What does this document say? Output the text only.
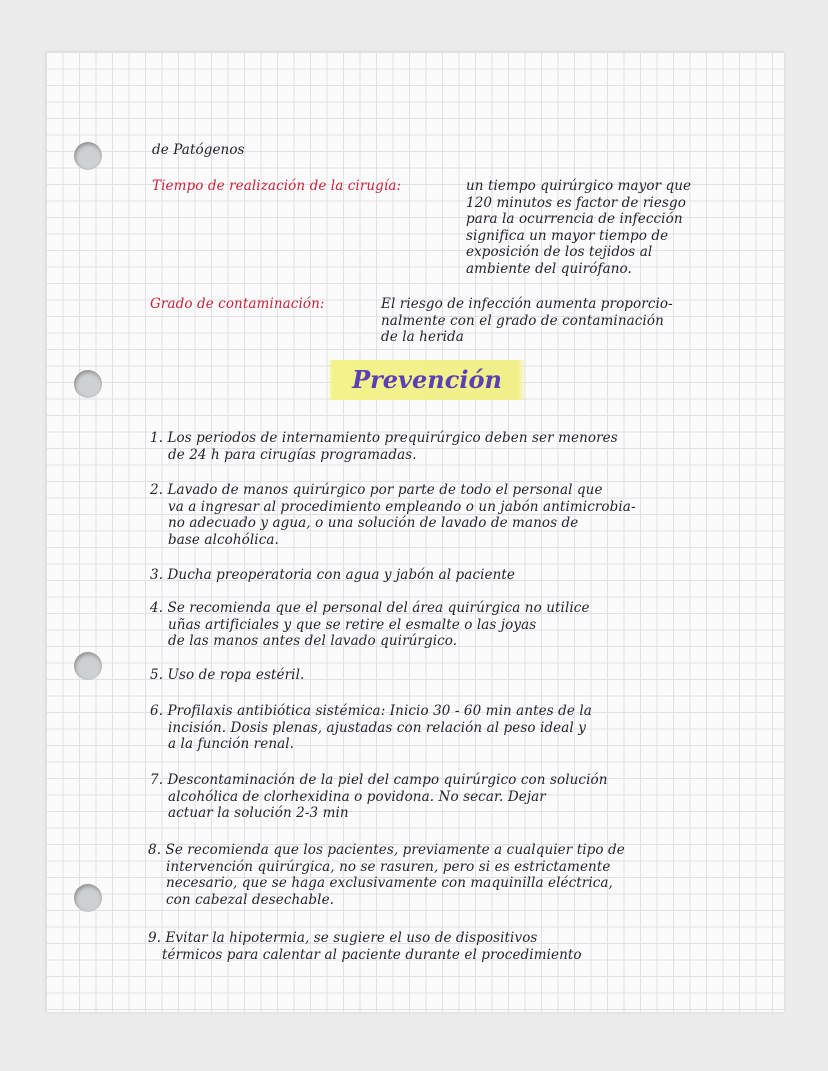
de Patógenos

Tiempo de realización de la cirugía:	un tiempo quirúrgico mayor que

120 minutos es factor de riesgo

para la ocurrencia de infección

significa un mayor tiempo de

exposición de los tejidos al

ambiente del quirófano.

Grado de contaminación:	El riesgo de infección aumenta proporcio-

nalmente con el grado de contaminación

de la herida

Prevención

1. Los periodos de internamiento prequirúrgico deben ser menores

de 24 h para cirugías programadas.

2. Lavado de manos quirúrgico por parte de todo el personal que

va a ingresar al procedimiento empleando o un jabón antimicrobia-

no adecuado y agua, o una solución de lavado de manos de

base alcohólica.

3. Ducha preoperatoria con agua y jabón al paciente

4. Se recomienda que el personal del área quirúrgica no utilice

uñas artificiales y que se retire el esmalte o las joyas

de las manos antes del lavado quirúrgico.

5. Uso de ropa estéril.

6. Profilaxis antibiótica sistémica: Inicio 30 - 60 min antes de la

incisión. Dosis plenas, ajustadas con relación al peso ideal y

a la función renal.

7. Descontaminación de la piel del campo quirúrgico con solución

alcohólica de clorhexidina o povidona. No secar. Dejar

actuar la solución 2-3 min

8. Se recomienda que los pacientes, previamente a cualquier tipo de

intervención quirúrgica, no se rasuren, pero si es estrictamente

necesario, que se haga exclusivamente con maquinilla eléctrica,

con cabezal desechable.

9. Evitar la hipotermia, se sugiere el uso de dispositivos

térmicos para calentar al paciente durante el procedimiento
